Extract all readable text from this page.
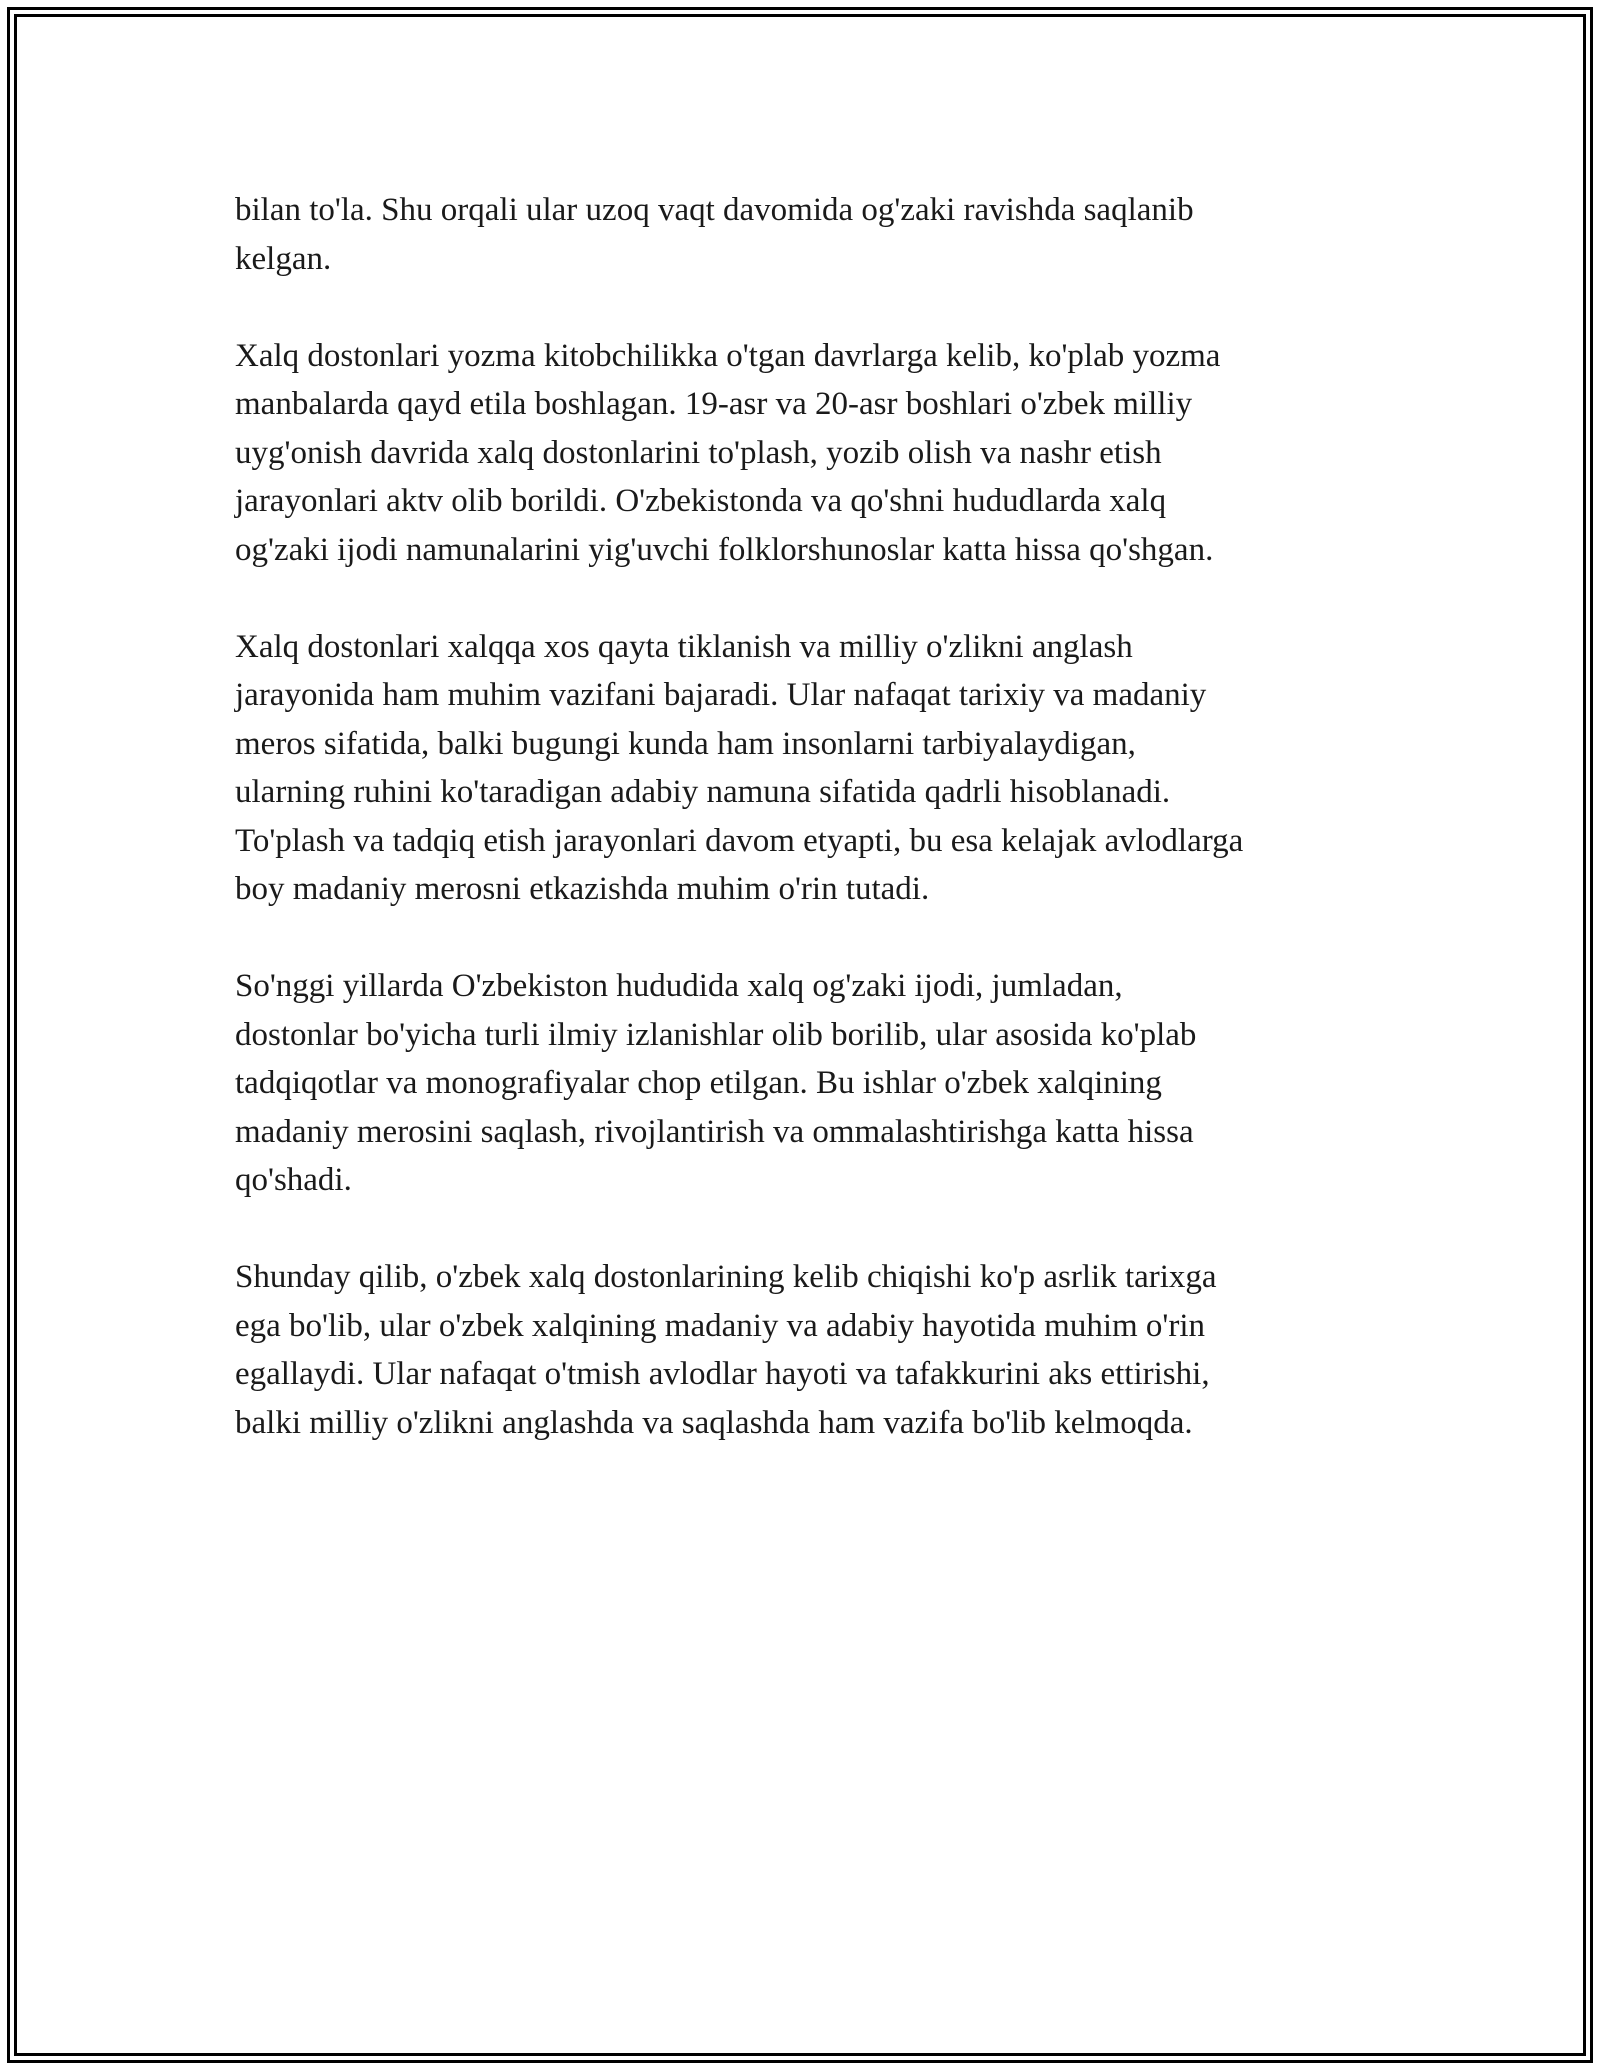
bilan to'la. Shu orqali ular uzoq vaqt davomida og'zaki ravishda saqlanib
kelgan.

Xalq dostonlari yozma kitobchilikka o'tgan davrlarga kelib, ko'plab yozma
manbalarda qayd etila boshlagan. 19-asr va 20-asr boshlari o'zbek milliy
uyg'onish davrida xalq dostonlarini to'plash, yozib olish va nashr etish
jarayonlari aktv olib borildi. O'zbekistonda va qo'shni hududlarda xalq
og'zaki ijodi namunalarini yig'uvchi folklorshunoslar katta hissa qo'shgan.

Xalq dostonlari xalqqa xos qayta tiklanish va milliy o'zlikni anglash
jarayonida ham muhim vazifani bajaradi. Ular nafaqat tarixiy va madaniy
meros sifatida, balki bugungi kunda ham insonlarni tarbiyalaydigan,
ularning ruhini ko'taradigan adabiy namuna sifatida qadrli hisoblanadi.
To'plash va tadqiq etish jarayonlari davom etyapti, bu esa kelajak avlodlarga
boy madaniy merosni etkazishda muhim o'rin tutadi.

So'nggi yillarda O'zbekiston hududida xalq og'zaki ijodi, jumladan,
dostonlar bo'yicha turli ilmiy izlanishlar olib borilib, ular asosida ko'plab
tadqiqotlar va monografiyalar chop etilgan. Bu ishlar o'zbek xalqining
madaniy merosini saqlash, rivojlantirish va ommalashtirishga katta hissa
qo'shadi.

Shunday qilib, o'zbek xalq dostonlarining kelib chiqishi ko'p asrlik tarixga
ega bo'lib, ular o'zbek xalqining madaniy va adabiy hayotida muhim o'rin
egallaydi. Ular nafaqat o'tmish avlodlar hayoti va tafakkurini aks ettirishi,
balki milliy o'zlikni anglashda va saqlashda ham vazifa bo'lib kelmoqda.
